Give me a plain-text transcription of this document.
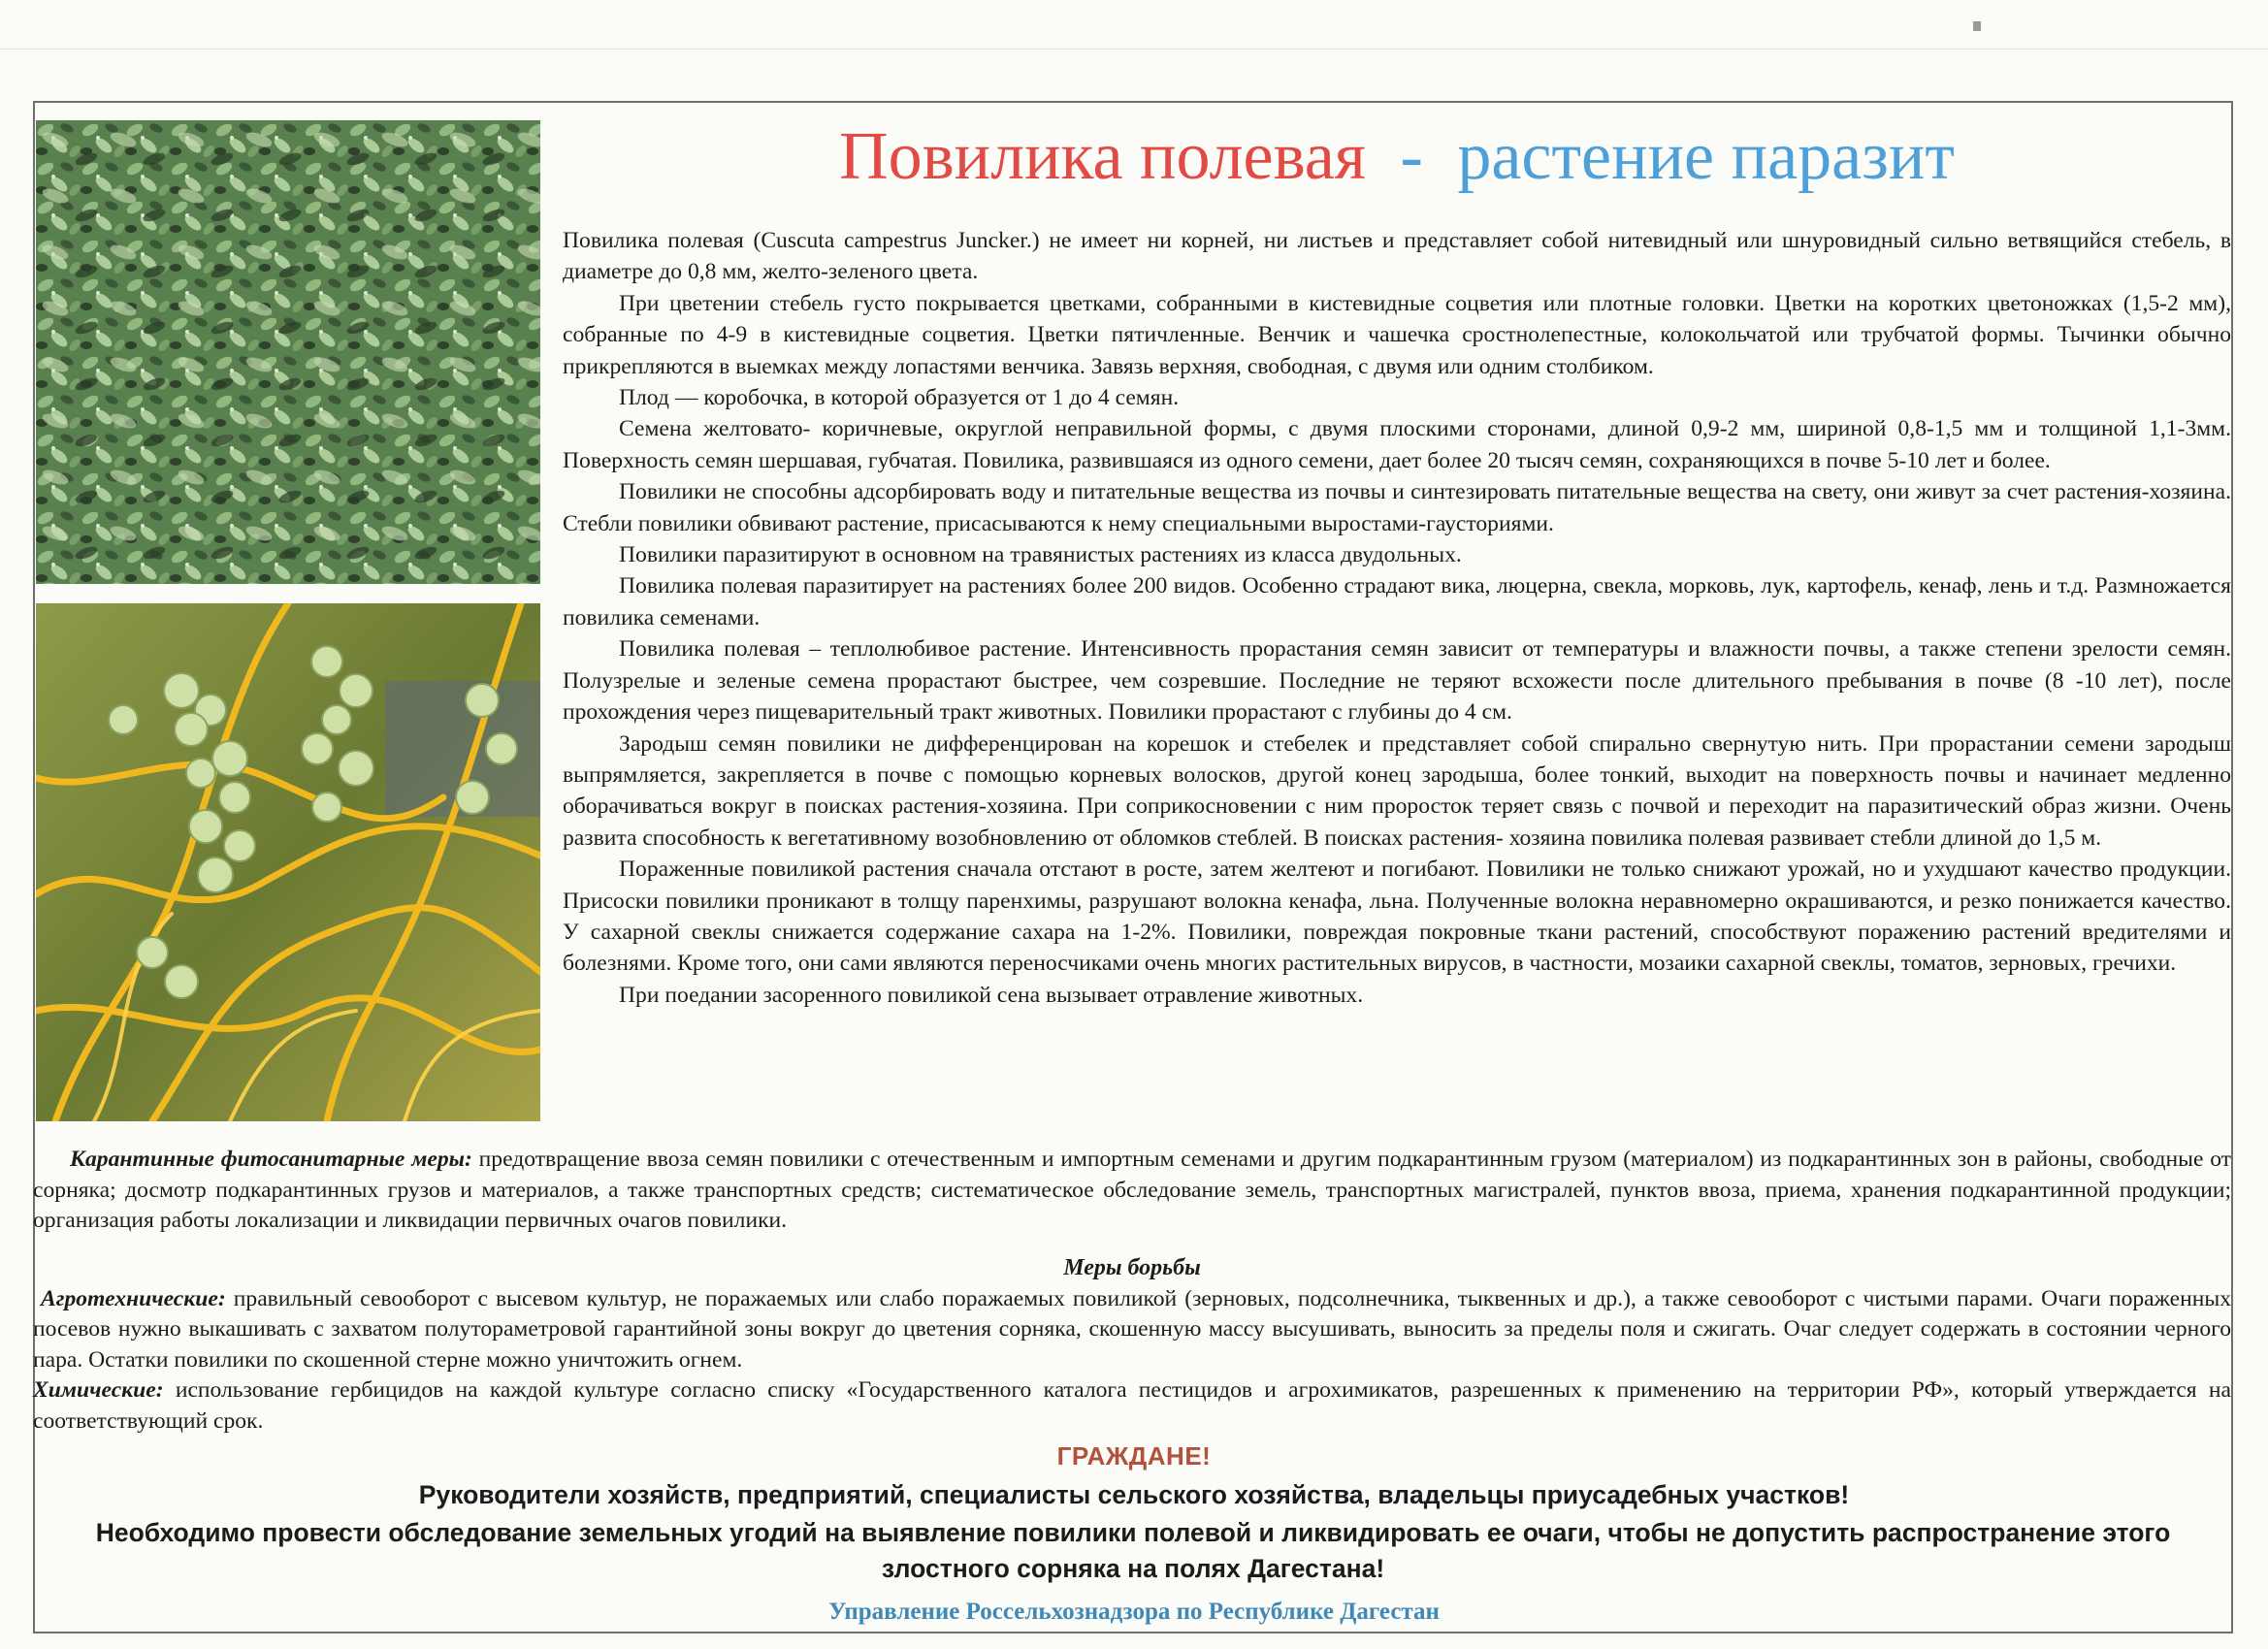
Повилика полевая - растение паразит

Повилика полевая (Cuscuta campestrus Juncker.) не имеет ни корней, ни листьев и представляет собой нитевидный или шнуровидный сильно ветвящийся стебель, в диаметре до 0,8 мм, желто-зеленого цвета.

При цветении стебель густо покрывается цветками, собранными в кистевидные соцветия или плотные головки. Цветки на коротких цветоножках (1,5-2 мм), собранные по 4-9 в кистевидные соцветия. Цветки пятичленные. Венчик и чашечка сростнолепестные, колокольчатой или трубчатой формы. Тычинки обычно прикрепляются в выемках между лопастями венчика. Завязь верхняя, свободная, с двумя или одним столбиком.

Плод — коробочка, в которой образуется от 1 до 4 семян.

Семена желтовато- коричневые, округлой неправильной формы, с двумя плоскими сторонами, длиной 0,9-2 мм, шириной 0,8-1,5 мм и толщиной 1,1-3мм. Поверхность семян шершавая, губчатая. Повилика, развившаяся из одного семени, дает более 20 тысяч семян, сохраняющихся в почве 5-10 лет и более.

Повилики не способны адсорбировать воду и питательные вещества из почвы и синтезировать питательные вещества на свету, они живут за счет растения-хозяина. Стебли повилики обвивают растение, присасываются к нему специальными выростами-гаусториями.

Повилики паразитируют в основном на травянистых растениях из класса двудольных.

Повилика полевая паразитирует на растениях более 200 видов. Особенно страдают вика, люцерна, свекла, морковь, лук, картофель, кенаф, лень и т.д. Размножается повилика семенами.

Повилика полевая – теплолюбивое растение. Интенсивность прорастания семян зависит от температуры и влажности почвы, а также степени зрелости семян. Полузрелые и зеленые семена прорастают быстрее, чем созревшие. Последние не теряют всхожести после длительного пребывания в почве (8 -10 лет), после прохождения через пищеварительный тракт животных. Повилики прорастают с глубины до 4 см.

Зародыш семян повилики не дифференцирован на корешок и стебелек и представляет собой спирально свернутую нить. При прорастании семени зародыш выпрямляется, закрепляется в почве с помощью корневых волосков, другой конец зародыша, более тонкий, выходит на поверхность почвы и начинает медленно оборачиваться вокруг в поисках растения-хозяина. При соприкосновении с ним проросток теряет связь с почвой и переходит на паразитический образ жизни. Очень развита способность к вегетативному возобновлению от обломков стеблей. В поисках растения- хозяина повилика полевая развивает стебли длиной до 1,5 м.

Пораженные повиликой растения сначала отстают в росте, затем желтеют и погибают. Повилики не только снижают урожай, но и ухудшают качество продукции. Присоски повилики проникают в толщу паренхимы, разрушают волокна кенафа, льна. Полученные волокна неравномерно окрашиваются, и резко понижается качество. У сахарной свеклы снижается содержание сахара на 1-2%. Повилики, повреждая покровные ткани растений, способствуют поражению растений вредителями и болезнями. Кроме того, они сами являются переносчиками очень многих растительных вирусов, в частности, мозаики сахарной свеклы, томатов, зерновых, гречихи.

При поедании засоренного повиликой сена вызывает отравление животных.

Карантинные фитосанитарные меры: предотвращение ввоза семян повилики с отечественным и импортным семенами и другим подкарантинным грузом (материалом) из подкарантинных зон в районы, свободные от сорняка; досмотр подкарантинных грузов и материалов, а также транспортных средств; систематическое обследование земель, транспортных магистралей, пунктов ввоза, приема, хранения подкарантинной продукции; организация работы локализации и ликвидации первичных очагов повилики.

Меры борьбы

Агротехнические: правильный севооборот с высевом культур, не поражаемых или слабо поражаемых повиликой (зерновых, подсолнечника, тыквенных и др.), а также севооборот с чистыми парами. Очаги пораженных посевов нужно выкашивать с захватом полутораметровой гарантийной зоны вокруг до цветения сорняка, скошенную массу высушивать, выносить за пределы поля и сжигать. Очаг следует содержать в состоянии черного пара. Остатки повилики по скошенной стерне можно уничтожить огнем.

Химические: использование гербицидов на каждой культуре согласно списку «Государственного каталога пестицидов и агрохимикатов, разрешенных к применению на территории РФ», который утверждается на соответствующий срок.

ГРАЖДАНЕ!
Руководители хозяйств, предприятий, специалисты сельского хозяйства, владельцы приусадебных участков!
Необходимо провести обследование земельных угодий на выявление повилики полевой и ликвидировать ее очаги, чтобы не допустить распространение этого злостного сорняка на полях Дагестана!
Управление Россельхознадзора по Республике Дагестан
